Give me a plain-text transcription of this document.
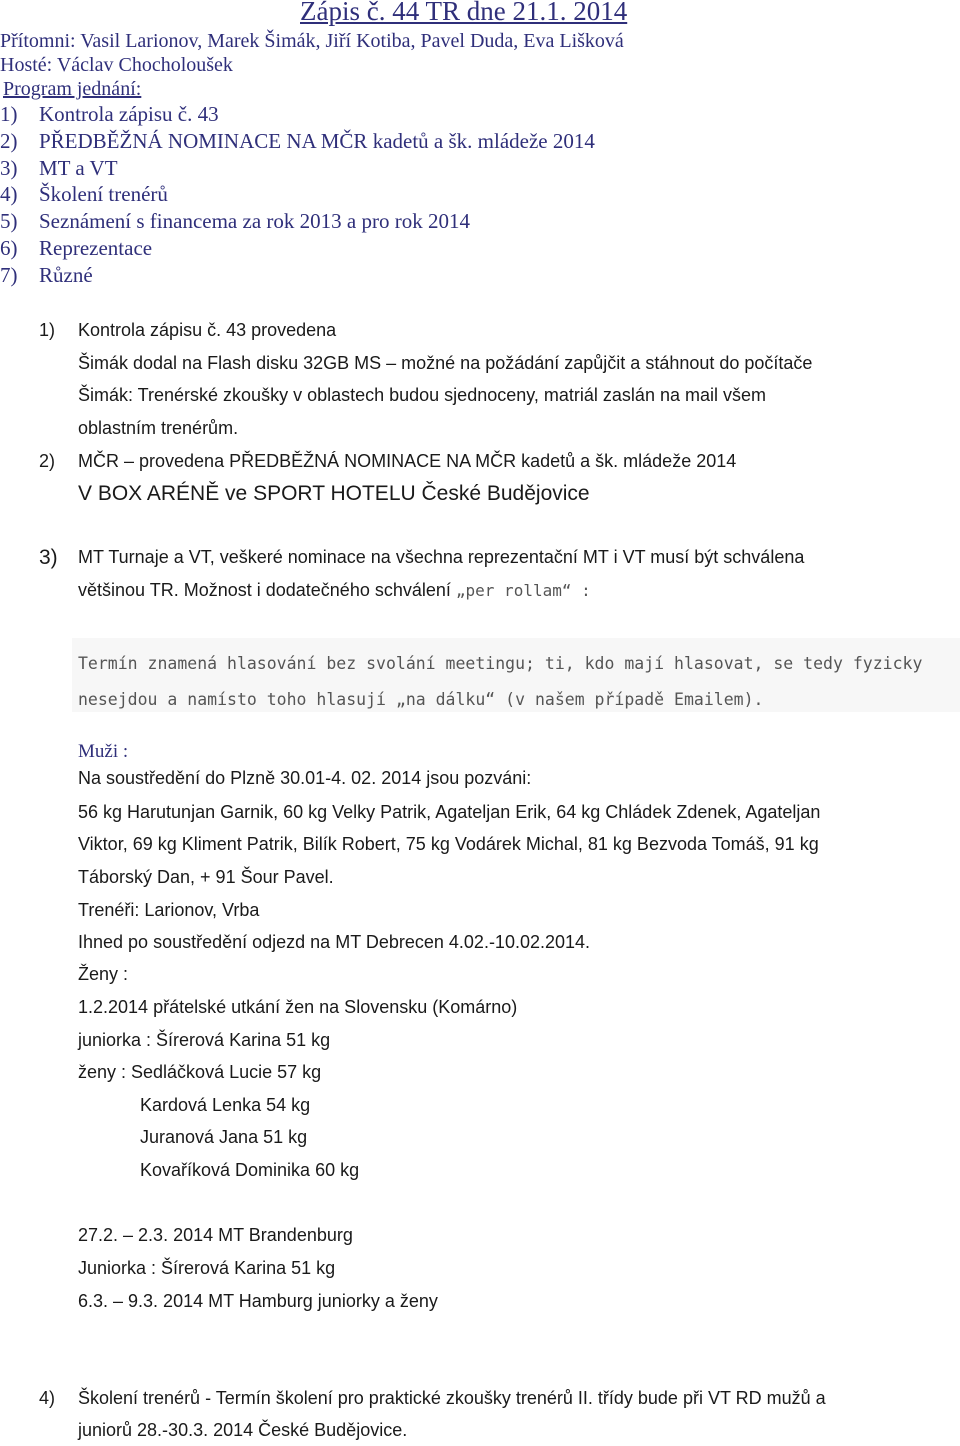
Zápis č. 44 TR dne 21.1. 2014
Přítomni: Vasil Larionov, Marek Šimák, Jiří Kotiba, Pavel Duda, Eva Lišková
Hosté: Václav Chocholoušek
Program jednání:
1) Kontrola zápisu č. 43
2) PŘEDBĚŽNÁ NOMINACE NA MČR kadetů a šk. mládeže 2014
3) MT a VT
4) Školení trenérů
5) Seznámení s financema za rok 2013 a pro rok 2014
6) Reprezentace
7) Různé
1) Kontrola zápisu č. 43 provedena
Šimák dodal na Flash disku 32GB MS – možné na požádání zapůjčit a stáhnout do počítače
Šimák: Trenérské zkoušky v oblastech budou sjednoceny, matriál zaslán na mail všem
oblastním trenérům.
2) MČR – provedena PŘEDBĚŽNÁ NOMINACE NA MČR kadetů a šk. mládeže 2014
V BOX ARÉNĚ ve SPORT HOTELU České Budějovice
3) MT Turnaje a VT, veškeré nominace na všechna reprezentační MT i VT musí být schválena
většinou TR. Možnost i dodatečného schválení „per rollam“ :
Termín znamená hlasování bez svolání meetingu; ti, kdo mají hlasovat, se tedy fyzicky
nesejdou a namísto toho hlasují „na dálku“ (v našem případě Emailem).
Muži :
Na soustředění do Plzně 30.01-4. 02. 2014 jsou pozváni:
56 kg Harutunjan Garnik, 60 kg Velky Patrik, Agateljan Erik, 64 kg Chládek Zdenek, Agateljan
Viktor, 69 kg Kliment Patrik, Bilík Robert, 75 kg Vodárek Michal, 81 kg Bezvoda Tomáš, 91 kg
Táborský Dan, + 91 Šour Pavel.
Trenéři: Larionov, Vrba
Ihned po soustředění odjezd na MT Debrecen 4.02.-10.02.2014.
Ženy :
1.2.2014 přátelské utkání žen na Slovensku (Komárno)
juniorka : Šírerová Karina 51 kg
ženy : Sedláčková Lucie 57 kg
Kardová Lenka 54 kg
Juranová Jana 51 kg
Kovaříková Dominika 60 kg
27.2. – 2.3. 2014 MT Brandenburg
Juniorka : Šírerová Karina 51 kg
6.3. – 9.3. 2014 MT Hamburg juniorky a ženy
4) Školení trenérů - Termín školení pro praktické zkoušky trenérů II. třídy bude při VT RD mužů a
juniorů 28.-30.3. 2014 České Budějovice.
